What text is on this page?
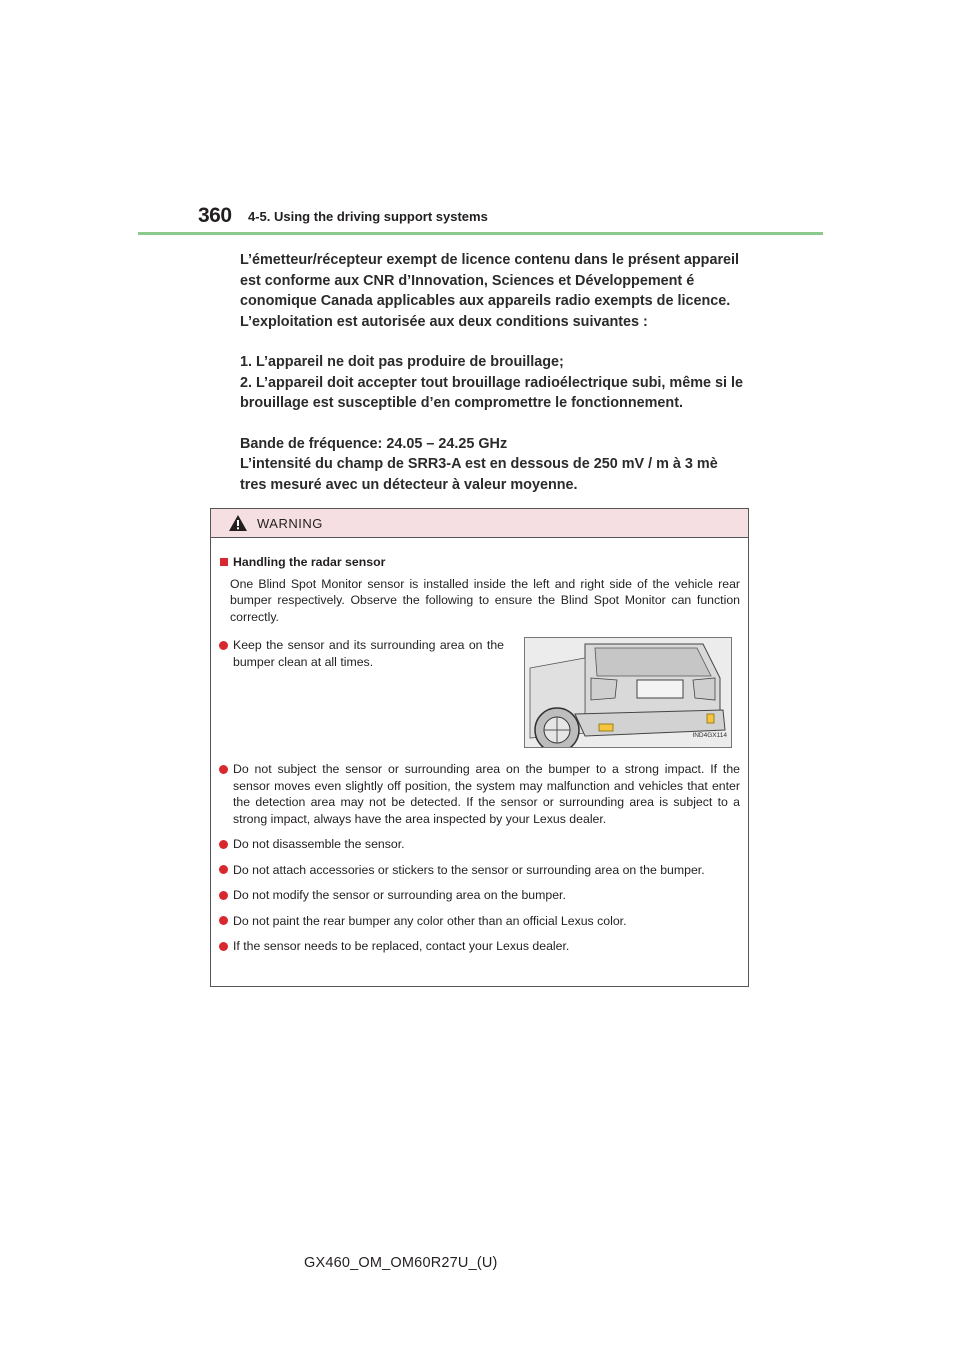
360 4-5. Using the driving support systems

L’émetteur/récepteur exempt de licence contenu dans le présent appareil

est conforme aux CNR d’Innovation, Sciences et Développement é

conomique Canada applicables aux appareils radio exempts de licence.

L’exploitation est autorisée aux deux conditions suivantes :

1. L’appareil ne doit pas produire de brouillage;

2. L’appareil doit accepter tout brouillage radioélectrique subi, même si le

brouillage est susceptible d’en compromettre le fonctionnement.

Bande de fréquence: 24.05 – 24.25 GHz

L’intensité du champ de SRR3-A est en dessous de 250 mV / m à 3 mè

tres mesuré avec un détecteur à valeur moyenne.

WARNING
Handling the radar sensor
One Blind Spot Monitor sensor is installed inside the left and right side of the vehicle rear bumper respectively. Observe the following to ensure the Blind Spot Monitor can function correctly.
Keep the sensor and its surrounding area on the bumper clean at all times.
IND4GX114
Do not subject the sensor or surrounding area on the bumper to a strong impact. If the sensor moves even slightly off position, the system may malfunction and vehicles that enter the detection area may not be detected. If the sensor or surrounding area is subject to a strong impact, always have the area inspected by your Lexus dealer.
Do not disassemble the sensor.
Do not attach accessories or stickers to the sensor or surrounding area on the bumper.
Do not modify the sensor or surrounding area on the bumper.
Do not paint the rear bumper any color other than an official Lexus color.
If the sensor needs to be replaced, contact your Lexus dealer.
GX460_OM_OM60R27U_(U)
